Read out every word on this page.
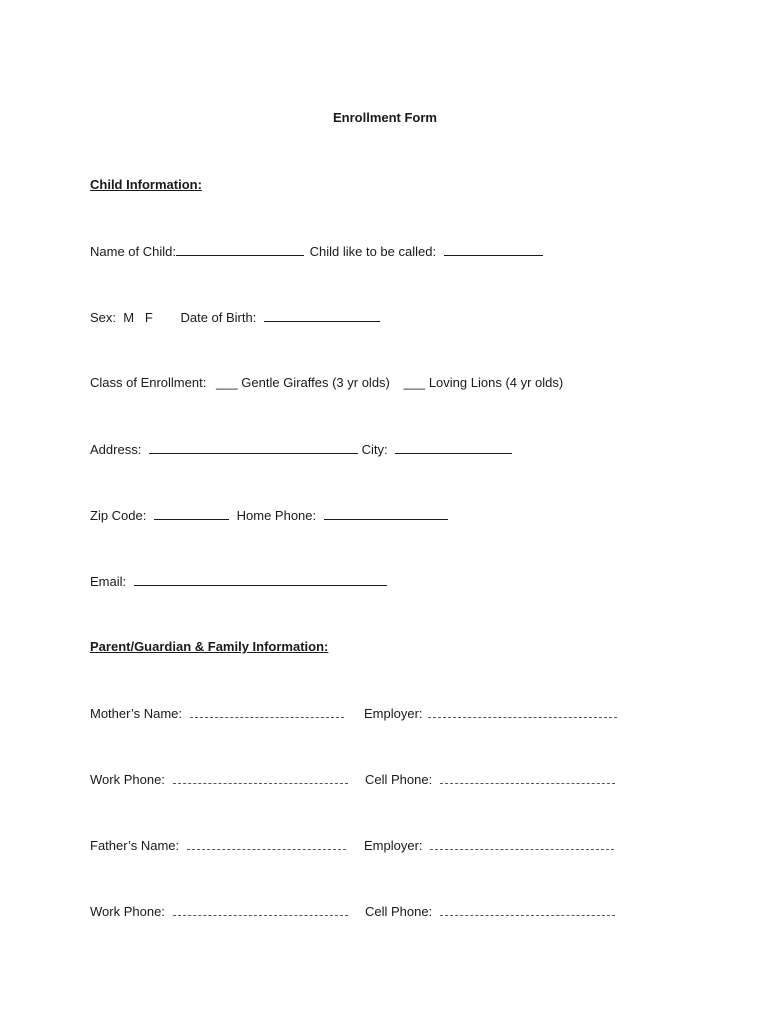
Enrollment Form
Child Information:
Name of Child:	Child like to be called:
Sex:  M   F Date of Birth:
Class of Enrollment: ___ Gentle Giraffes (3 yr olds) ___ Loving Lions (4 yr olds)
Address:	City:
Zip Code:	Home Phone:
Email:
Parent/Guardian & Family Information:
Mother’s Name:	Employer:
Work Phone:	Cell Phone:
Father’s Name:	Employer:
Work Phone:	Cell Phone:
